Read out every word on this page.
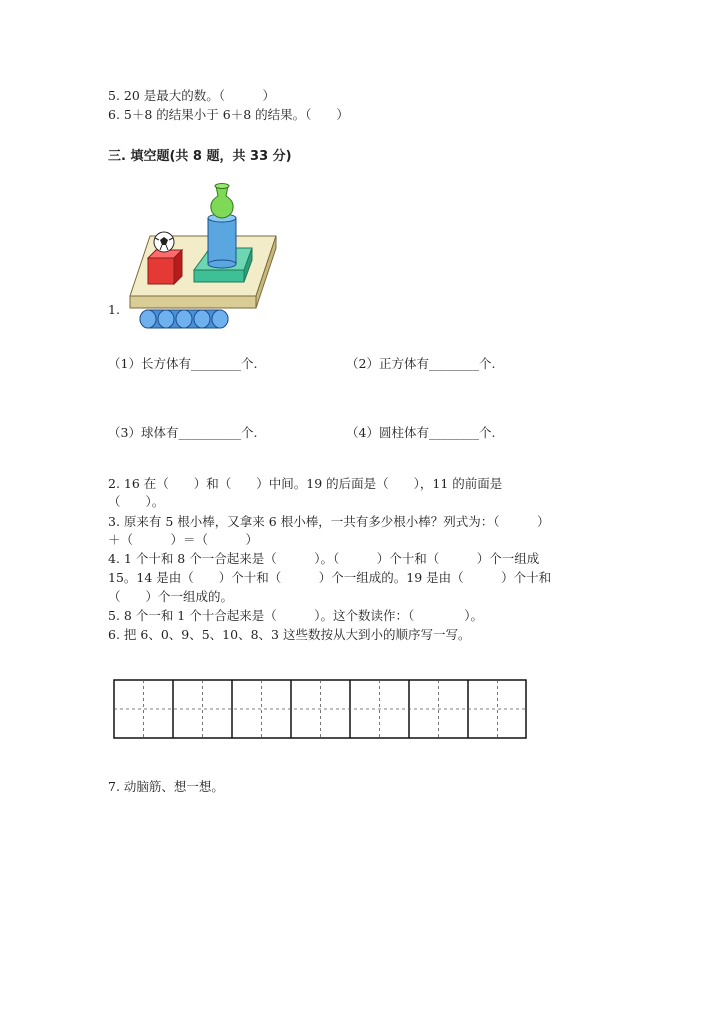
5. 20 是最大的数。（　　　）
6. 5＋8 的结果小于 6＋8 的结果。（　　）
三. 填空题(共 8 题，共 33 分)
1.
（1）长方体有________个.	（2）正方体有________个.
（3）球体有__________个.	（4）圆柱体有________个.
2. 16 在（　　）和（　　）中间。19 的后面是（　　），11 的前面是
（　　）。
3. 原来有 5 根小棒，又拿来 6 根小棒，一共有多少根小棒？列式为：（　　　）
＋（　　　）＝（　　　）
4. 1 个十和 8 个一合起来是（　　　）。（　　　）个十和（　　　）个一组成
15。14 是由（　　）个十和（　　　）个一组成的。19 是由（　　　）个十和
（　　）个一组成的。
5. 8 个一和 1 个十合起来是（　　　）。这个数读作：（　　　　）。
6. 把 6、0、9、5、10、8、3 这些数按从大到小的顺序写一写。
7. 动脑筋、想一想。
